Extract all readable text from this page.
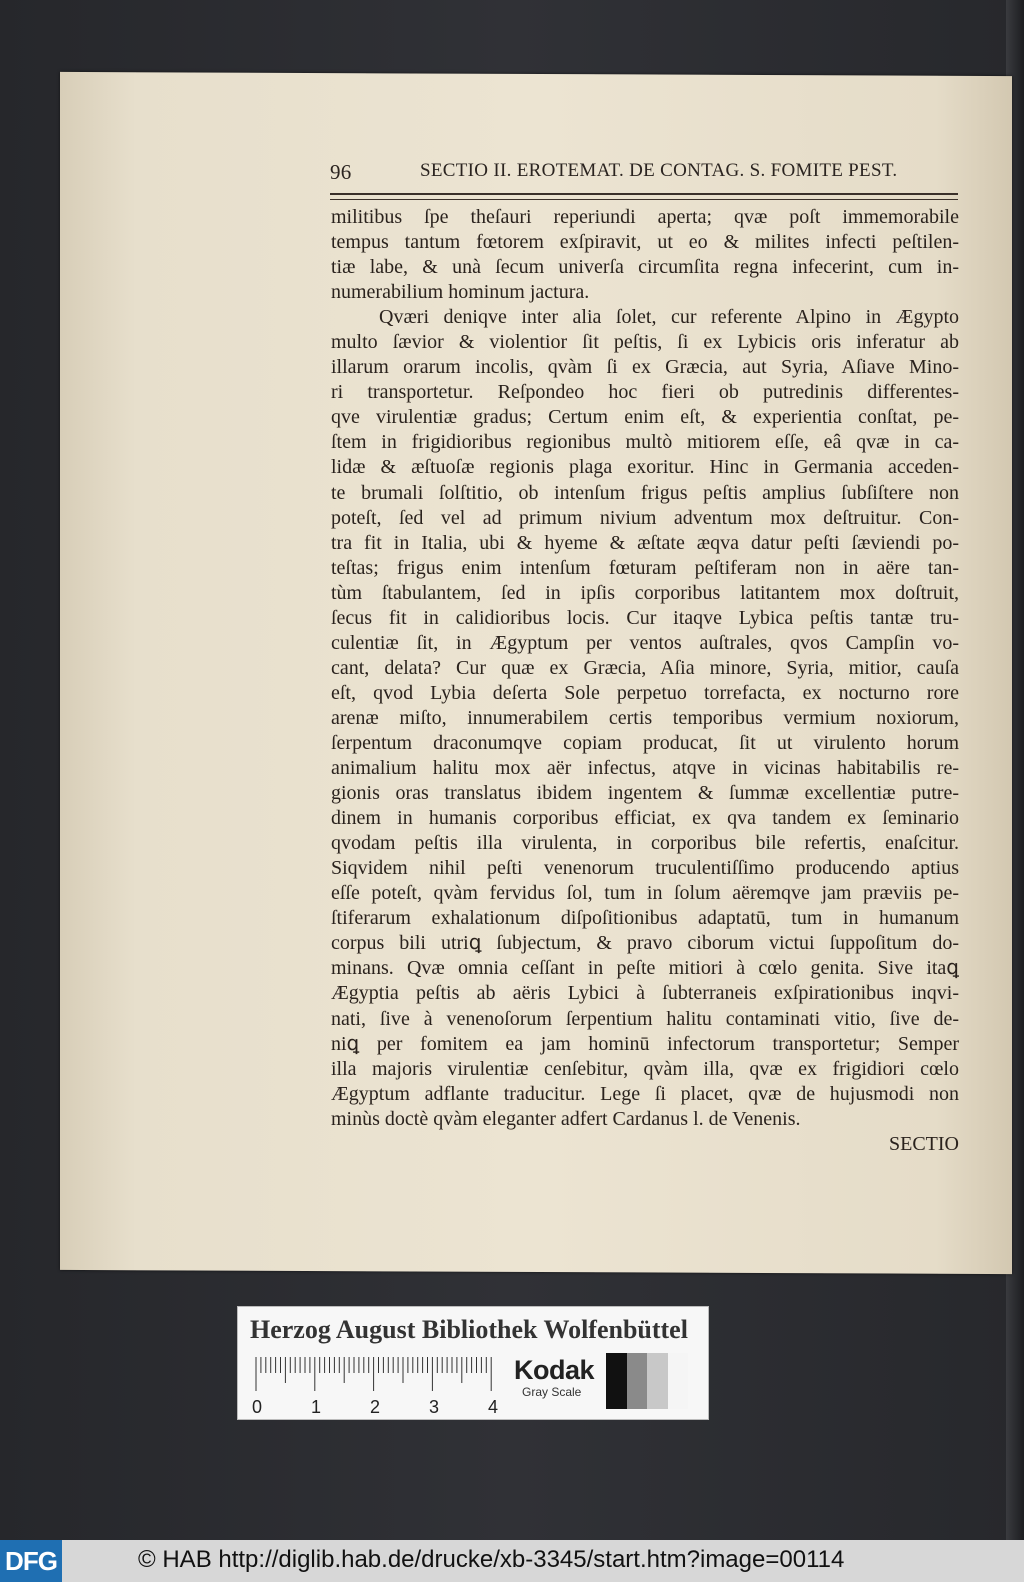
96	SECTIO II. EROTEMAT. DE CONTAG. S. FOMITE PEST.
militibus ſpe theſauri reperiundi aperta; qvæ poſt immemorabile
tempus tantum fœtorem exſpiravit, ut eo & milites infecti peſtilen-
tiæ labe, & unà ſecum univerſa circumſita regna infecerint, cum in-
numerabilium hominum jactura.
Qværi deniqve inter alia ſolet, cur referente Alpino in Ægypto
multo ſævior & violentior ſit peſtis, ſi ex Lybicis oris inferatur ab
illarum orarum incolis, qvàm ſi ex Græcia, aut Syria, Aſiave Mino-
ri transportetur. Reſpondeo hoc fieri ob putredinis differentes-
qve virulentiæ gradus; Certum enim eſt, & experientia conſtat, pe-
ſtem in frigidioribus regionibus multò mitiorem eſſe, eâ qvæ in ca-
lidæ & æſtuoſæ regionis plaga exoritur. Hinc in Germania acceden-
te brumali ſolſtitio, ob intenſum frigus peſtis amplius ſubſiſtere non
poteſt, ſed vel ad primum nivium adventum mox deſtruitur. Con-
tra fit in Italia, ubi & hyeme & æſtate æqva datur peſti ſæviendi po-
teſtas; frigus enim intenſum fœturam peſtiferam non in aëre tan-
tùm ſtabulantem, ſed in ipſis corporibus latitantem mox doſtruit,
ſecus fit in calidioribus locis. Cur itaqve Lybica peſtis tantæ tru-
culentiæ ſit, in Ægyptum per ventos auſtrales, qvos Campſin vo-
cant, delata? Cur quæ ex Græcia, Aſia minore, Syria, mitior, cauſa
eſt, qvod Lybia deſerta Sole perpetuo torrefacta, ex nocturno rore
arenæ miſto, innumerabilem certis temporibus vermium noxiorum,
ſerpentum draconumqve copiam producat, ſit ut virulento horum
animalium halitu mox aër infectus, atqve in vicinas habitabilis re-
gionis oras translatus ibidem ingentem & ſummæ excellentiæ putre-
dinem in humanis corporibus efficiat, ex qva tandem ex ſeminario
qvodam peſtis illa virulenta, in corporibus bile refertis, enaſcitur.
Siqvidem nihil peſti venenorum truculentiſſimo producendo aptius
eſſe poteſt, qvàm fervidus ſol, tum in ſolum aëremqve jam præviis pe-
ſtiferarum exhalationum diſpoſitionibus adaptatū, tum in humanum
corpus bili utriꝗ ſubjectum, & pravo ciborum victui ſuppoſitum do-
minans. Qvæ omnia ceſſant in peſte mitiori à cœlo genita. Sive itaꝗ
Ægyptia peſtis ab aëris Lybici à ſubterraneis exſpirationibus inqvi-
nati, ſive à venenoſorum ſerpentium halitu contaminati vitio, ſive de-
niꝗ per fomitem ea jam hominū infectorum transportetur; Semper
illa majoris virulentiæ cenſebitur, qvàm illa, qvæ ex frigidiori cœlo
Ægyptum adflante traducitur. Lege ſi placet, qvæ de hujusmodi non
minùs doctè qvàm eleganter adfert Cardanus l. de Venenis.
SECTIO
Herzog August Bibliothek Wolfenbüttel
0	1	2	3	4
Kodak
Gray Scale
DFG	© HAB http://diglib.hab.de/drucke/xb-3345/start.htm?image=00114
